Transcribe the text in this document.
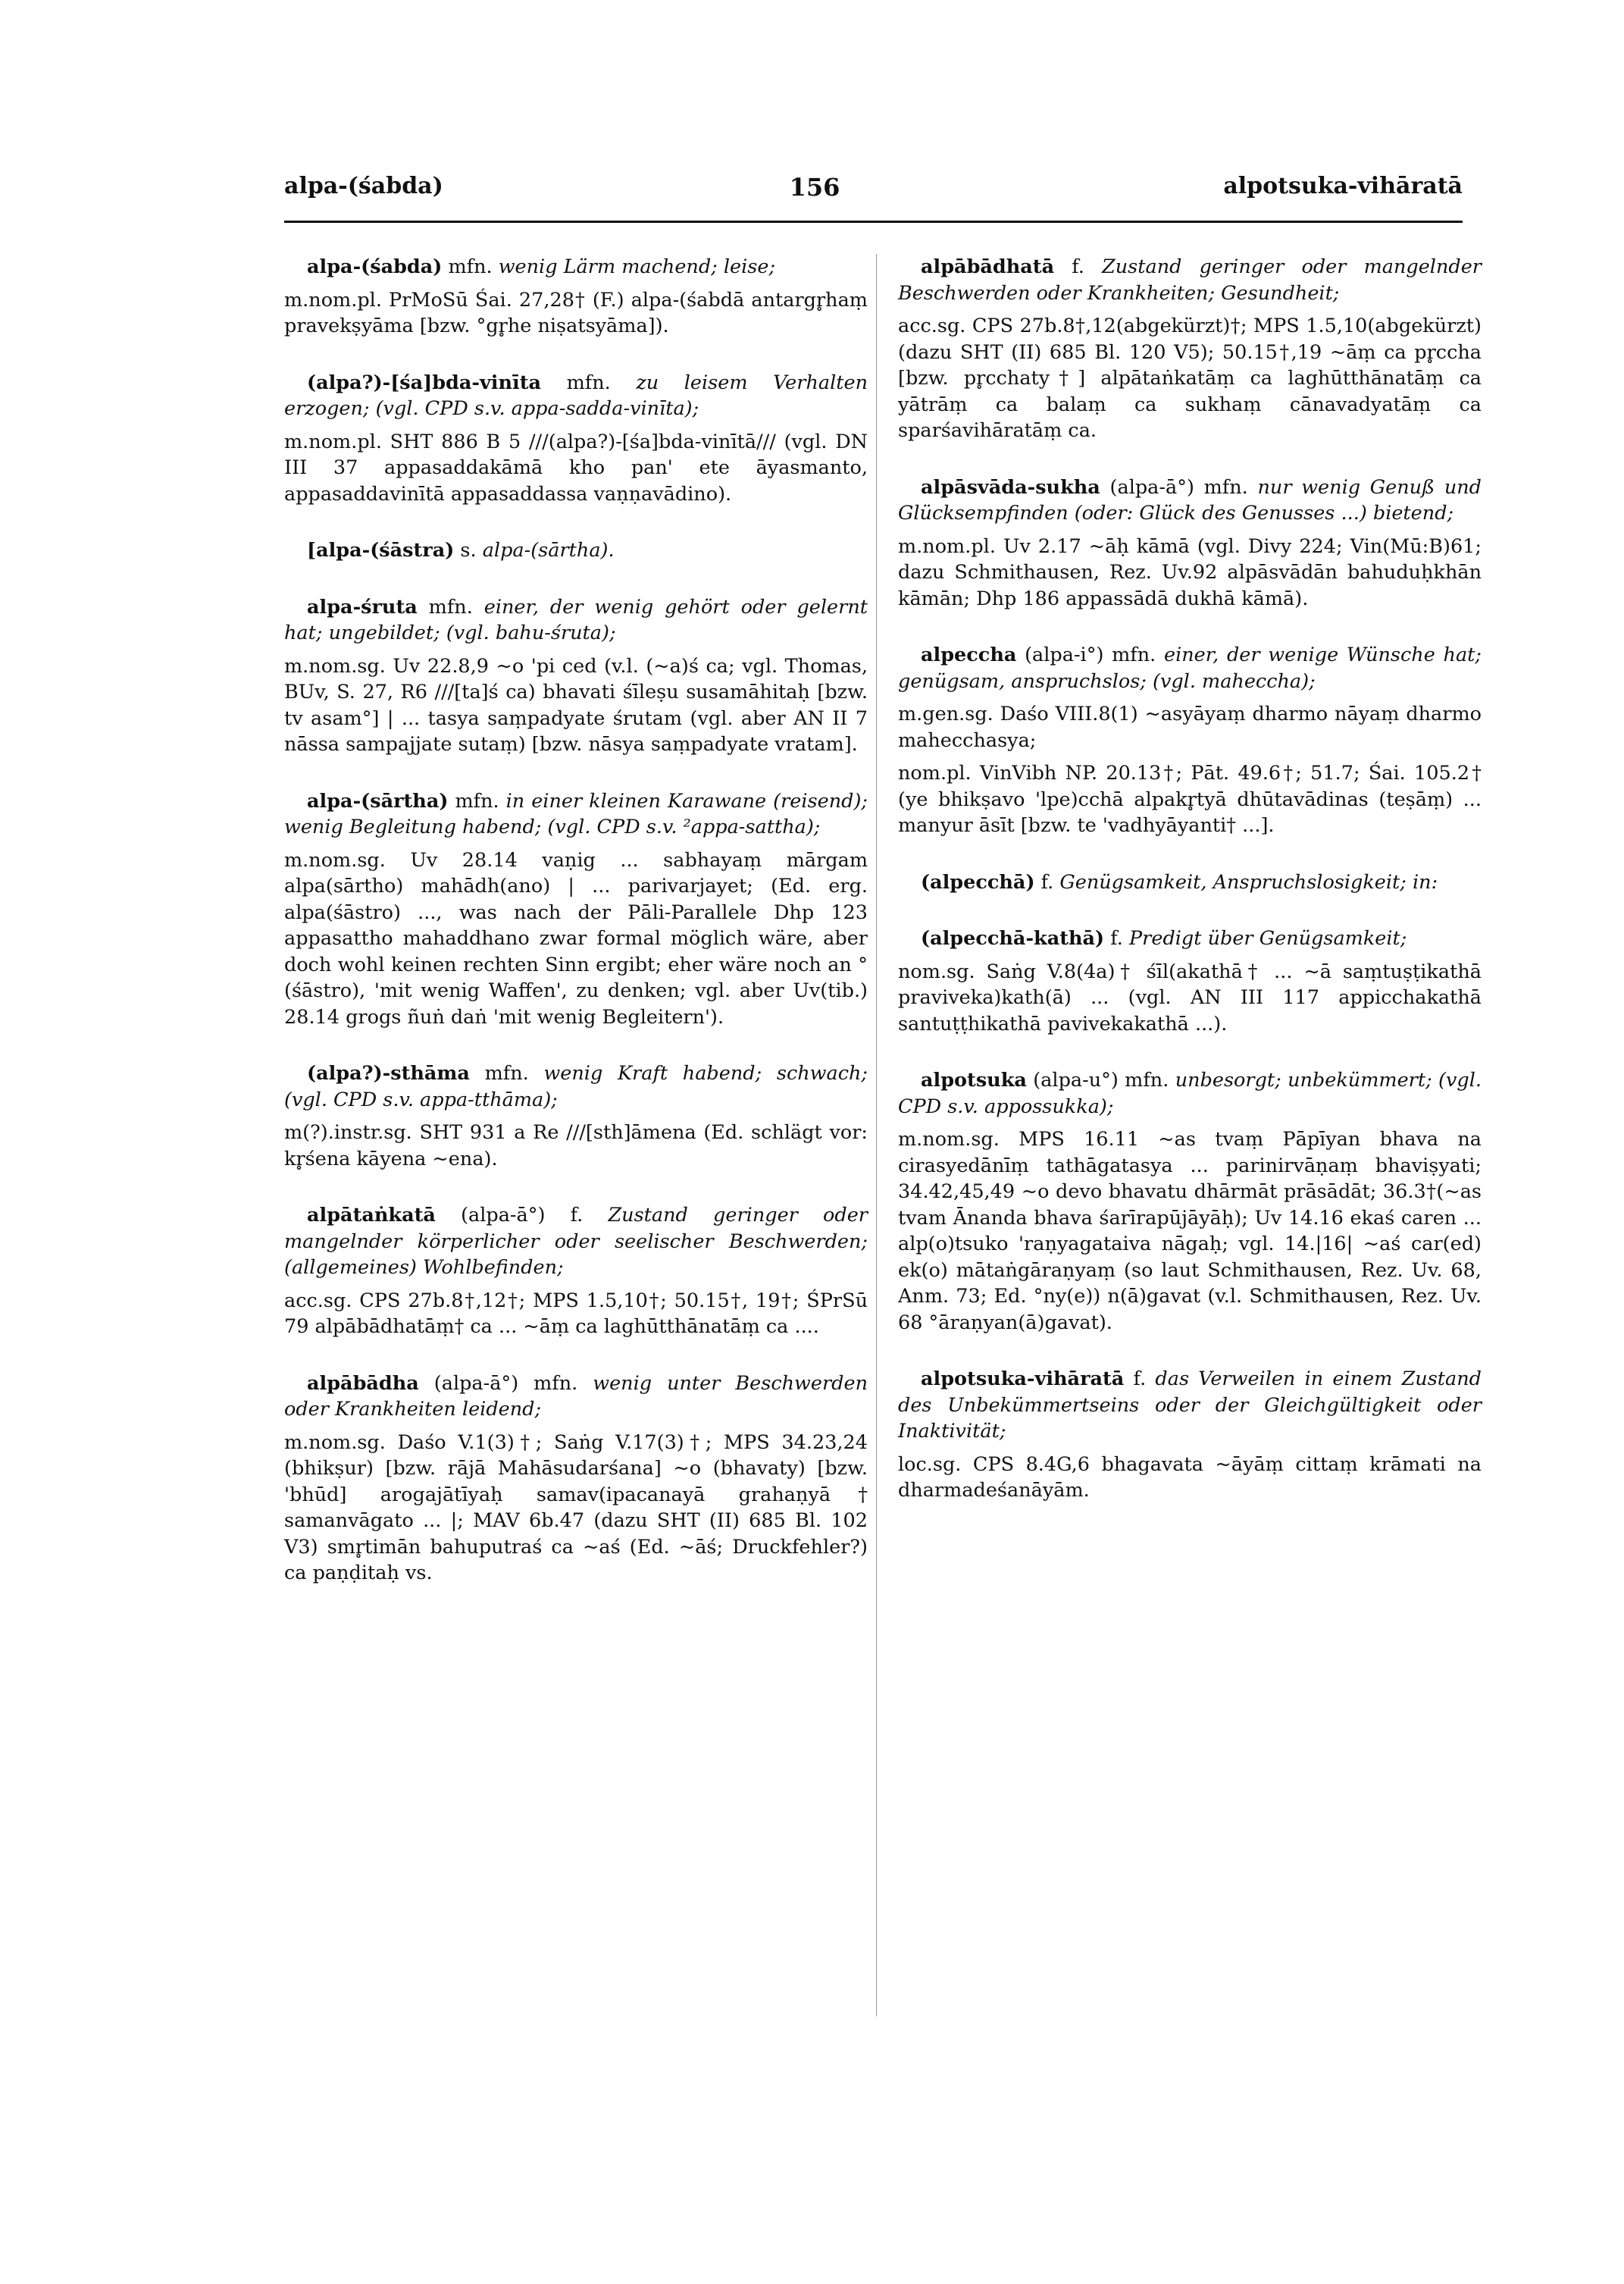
alpa-(śabda)	156	alpotsuka-vihāratā

alpa-(śabda) mfn. wenig Lärm machend; leise;

m.nom.pl. PrMoSū Śai. 27,28† (F.) alpa-(śabdā antargr̥haṃ pravekṣyāma [bzw. °gr̥he niṣatsyāma]).

(alpa?)-[śa]bda-vinīta mfn. zu leisem Verhalten erzogen; (vgl. CPD s.v. appa-sadda-vinīta);

m.nom.pl. SHT 886 B 5 ///(alpa?)-[śa]bda-vinītā/// (vgl. DN III 37 appasaddakāmā kho pan' ete āyasmanto, appasaddavinītā appasaddassa vaṇṇavādino).

[alpa-(śāstra) s. alpa-(sārtha).

alpa-śruta mfn. einer, der wenig gehört oder gelernt hat; ungebildet; (vgl. bahu-śruta);

m.nom.sg. Uv 22.8,9 ~o 'pi ced (v.l. (~a)ś ca; vgl. Thomas, BUv, S. 27, R6 ///[ta]ś ca) bhavati śīleṣu susamāhitaḥ [bzw. tv asam°] | ... tasya saṃpadyate śrutam (vgl. aber AN II 7 nāssa sampajjate sutaṃ) [bzw. nāsya saṃpadyate vratam].

alpa-(sārtha) mfn. in einer kleinen Karawane (reisend); wenig Begleitung habend; (vgl. CPD s.v. ²appa-sattha);

m.nom.sg. Uv 28.14 vaṇig ... sabhayaṃ mārgam alpa(sārtho) mahādh(ano) | ... parivarjayet; (Ed. erg. alpa(śāstro) ..., was nach der Pāli-Parallele Dhp 123 appasattho mahaddhano zwar formal möglich wäre, aber doch wohl keinen rechten Sinn ergibt; eher wäre noch an °(śāstro), 'mit wenig Waffen', zu denken; vgl. aber Uv(tib.) 28.14 grogs ñuṅ daṅ 'mit wenig Begleitern').

(alpa?)-sthāma mfn. wenig Kraft habend; schwach; (vgl. CPD s.v. appa-tthāma);

m(?).instr.sg. SHT 931 a Re ///[sth]āmena (Ed. schlägt vor: kr̥śena kāyena ~ena).

alpātaṅkatā (alpa-ā°) f. Zustand geringer oder mangelnder körperlicher oder seelischer Beschwerden; (allgemeines) Wohlbefinden;

acc.sg. CPS 27b.8†,12†; MPS 1.5,10†; 50.15†, 19†; ŚPrSū 79 alpābādhatāṃ† ca ... ~āṃ ca laghūtthānatāṃ ca ....

alpābādha (alpa-ā°) mfn. wenig unter Beschwerden oder Krankheiten leidend;

m.nom.sg. Daśo V.1(3)†; Saṅg V.17(3)†; MPS 34.23,24 (bhikṣur) [bzw. rājā Mahāsudarśana] ~o (bhavaty) [bzw. 'bhūd] arogajātīyaḥ samav(ipacanayā grahaṇyā† samanvāgato ... |; MAV 6b.47 (dazu SHT (II) 685 Bl. 102 V3) smr̥timān bahuputraś ca ~aś (Ed. ~āś; Druckfehler?) ca paṇḍitaḥ vs.

alpābādhatā f. Zustand geringer oder mangelnder Beschwerden oder Krankheiten; Gesundheit;

acc.sg. CPS 27b.8†,12(abgekürzt)†; MPS 1.5,10(abgekürzt) (dazu SHT (II) 685 Bl. 120 V5); 50.15†,19 ~āṃ ca pr̥ccha [bzw. pr̥cchaty†] alpātaṅkatāṃ ca laghūtthānatāṃ ca yātrāṃ ca balaṃ ca sukhaṃ cānavadyatāṃ ca sparśavihāratāṃ ca.

alpāsvāda-sukha (alpa-ā°) mfn. nur wenig Genuß und Glücksempfinden (oder: Glück des Genusses ...) bietend;

m.nom.pl. Uv 2.17 ~āḥ kāmā (vgl. Divy 224; Vin(Mū:B)61; dazu Schmithausen, Rez. Uv.92 alpāsvādān bahuduḥkhān kāmān; Dhp 186 appassādā dukhā kāmā).

alpeccha (alpa-i°) mfn. einer, der wenige Wünsche hat; genügsam, anspruchslos; (vgl. maheccha);

m.gen.sg. Daśo VIII.8(1) ~asyāyaṃ dharmo nāyaṃ dharmo mahecchasya;

nom.pl. VinVibh NP. 20.13†; Pāt. 49.6†; 51.7; Śai. 105.2† (ye bhikṣavo 'lpe)cchā alpakr̥tyā dhūtavādinas (teṣāṃ) ... manyur āsīt [bzw. te 'vadhyāyanti† ...].

(alpecchā) f. Genügsamkeit, Anspruchslosigkeit; in:

(alpecchā-kathā) f. Predigt über Genügsamkeit;

nom.sg. Saṅg V.8(4a)† śīl(akathā† ... ~ā saṃtuṣṭikathā praviveka)kath(ā) ... (vgl. AN III 117 appicchakathā santuṭṭhikathā pavivekakathā ...).

alpotsuka (alpa-u°) mfn. unbesorgt; unbekümmert; (vgl. CPD s.v. appossukka);

m.nom.sg. MPS 16.11 ~as tvaṃ Pāpīyan bhava na cirasyedānīṃ tathāgatasya ... parinirvāṇaṃ bhaviṣyati; 34.42,45,49 ~o devo bhavatu dhārmāt prāsādāt; 36.3†(~as tvam Ānanda bhava śarīrapūjāyāḥ); Uv 14.16 ekaś caren ... alp(o)tsuko 'raṇyagataiva nāgaḥ; vgl. 14.|16| ~aś car(ed) ek(o) mātaṅgāraṇyaṃ (so laut Schmithausen, Rez. Uv. 68, Anm. 73; Ed. °ny(e)) n(ā)gavat (v.l. Schmithausen, Rez. Uv. 68 °āraṇyan(ā)gavat).

alpotsuka-vihāratā f. das Verweilen in einem Zustand des Unbekümmertseins oder der Gleichgültigkeit oder Inaktivität;

loc.sg. CPS 8.4G,6 bhagavata ~āyāṃ cittaṃ krāmati na dharmadeśanāyām.
